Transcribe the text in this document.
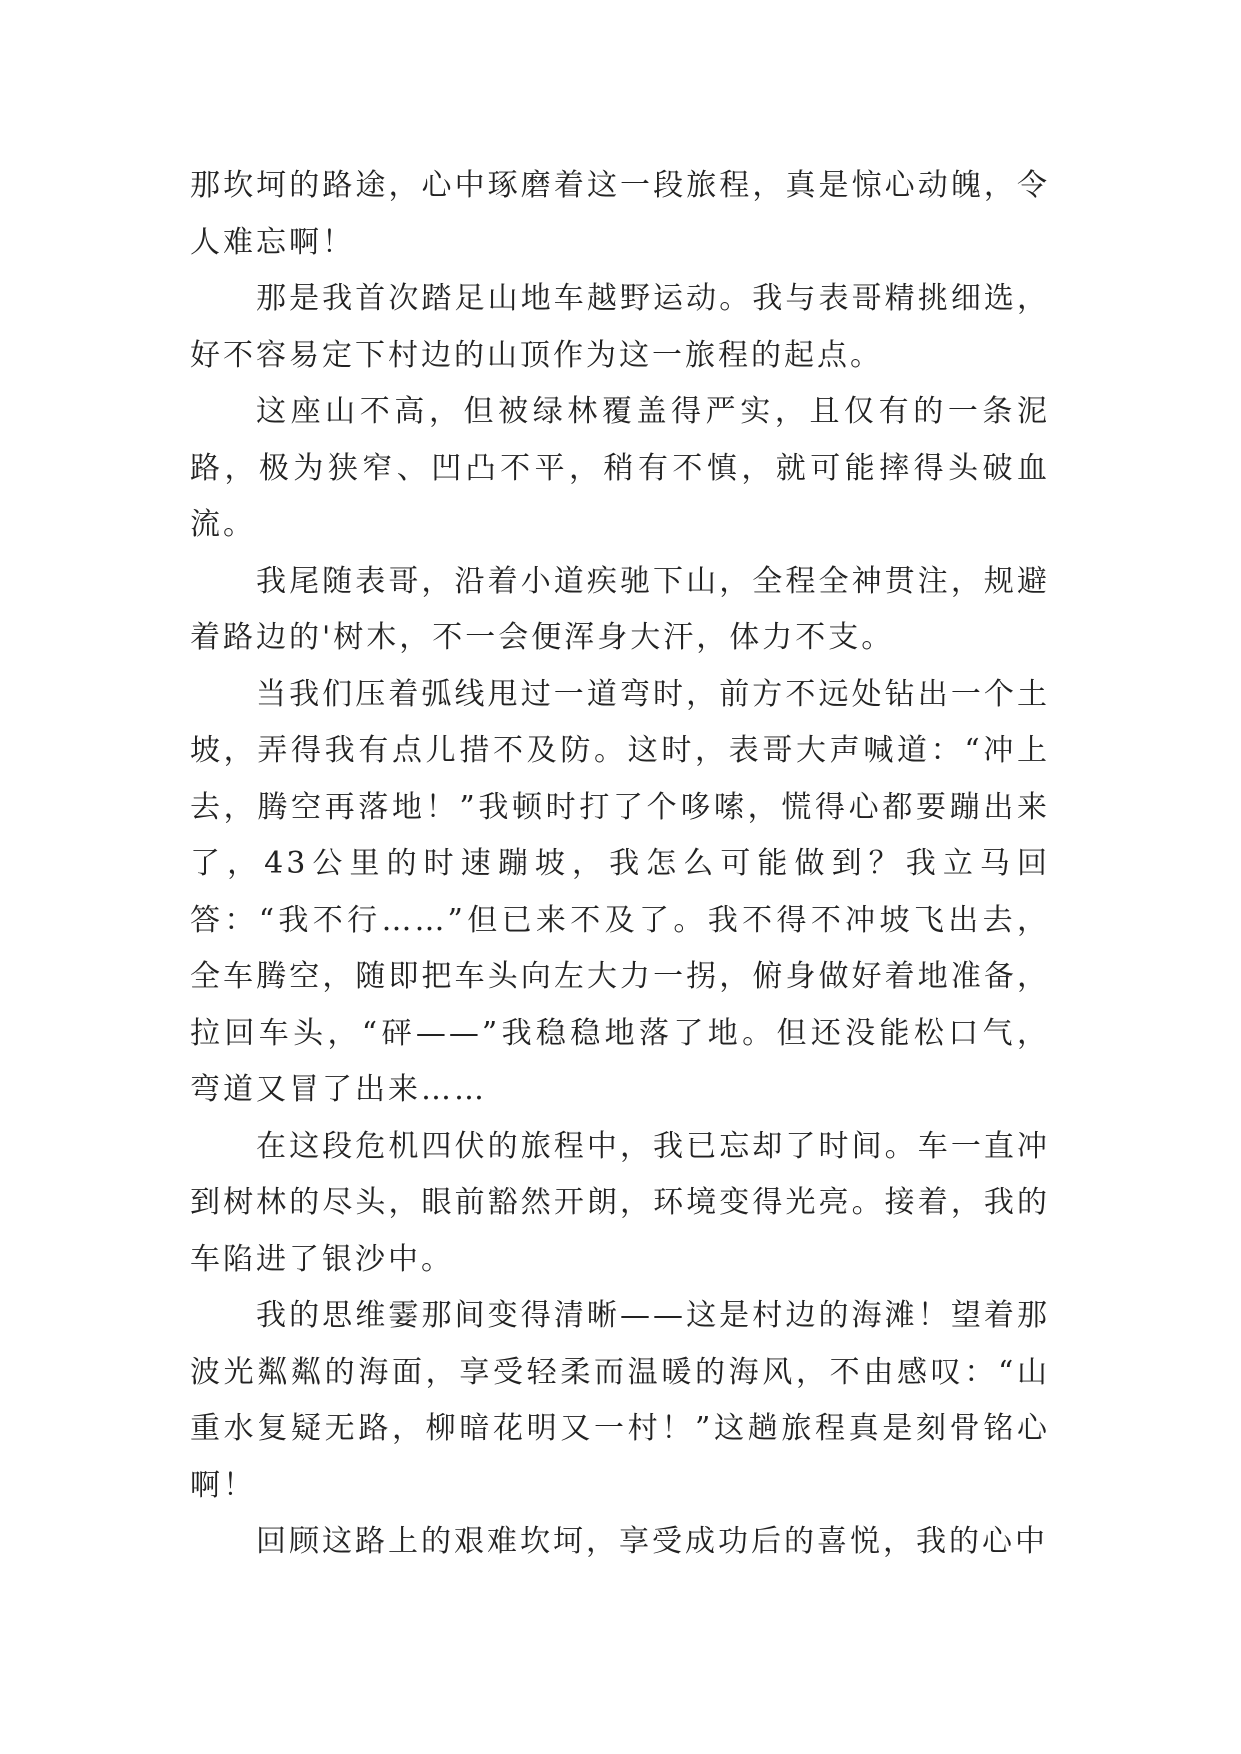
那坎坷的路途，心中琢磨着这一段旅程，真是惊心动魄，令人难忘啊！

那是我首次踏足山地车越野运动。我与表哥精挑细选，好不容易定下村边的山顶作为这一旅程的起点。

这座山不高，但被绿林覆盖得严实，且仅有的一条泥路，极为狭窄、凹凸不平，稍有不慎，就可能摔得头破血流。

我尾随表哥，沿着小道疾驰下山，全程全神贯注，规避着路边的'树木，不一会便浑身大汗，体力不支。

当我们压着弧线甩过一道弯时，前方不远处钻出一个土坡，弄得我有点儿措不及防。这时，表哥大声喊道：“冲上去，腾空再落地！”我顿时打了个哆嗦，慌得心都要蹦出来了，43公里的时速蹦坡，我怎么可能做到？我立马回答：“我不行……”但已来不及了。我不得不冲坡飞出去，全车腾空，随即把车头向左大力一拐，俯身做好着地准备，拉回车头，“砰——”我稳稳地落了地。但还没能松口气，弯道又冒了出来……

在这段危机四伏的旅程中，我已忘却了时间。车一直冲到树林的尽头，眼前豁然开朗，环境变得光亮。接着，我的车陷进了银沙中。

我的思维霎那间变得清晰——这是村边的海滩！望着那波光粼粼的海面，享受轻柔而温暖的海风，不由感叹：“山重水复疑无路，柳暗花明又一村！”这趟旅程真是刻骨铭心啊！

回顾这路上的艰难坎坷，享受成功后的喜悦，我的心中
